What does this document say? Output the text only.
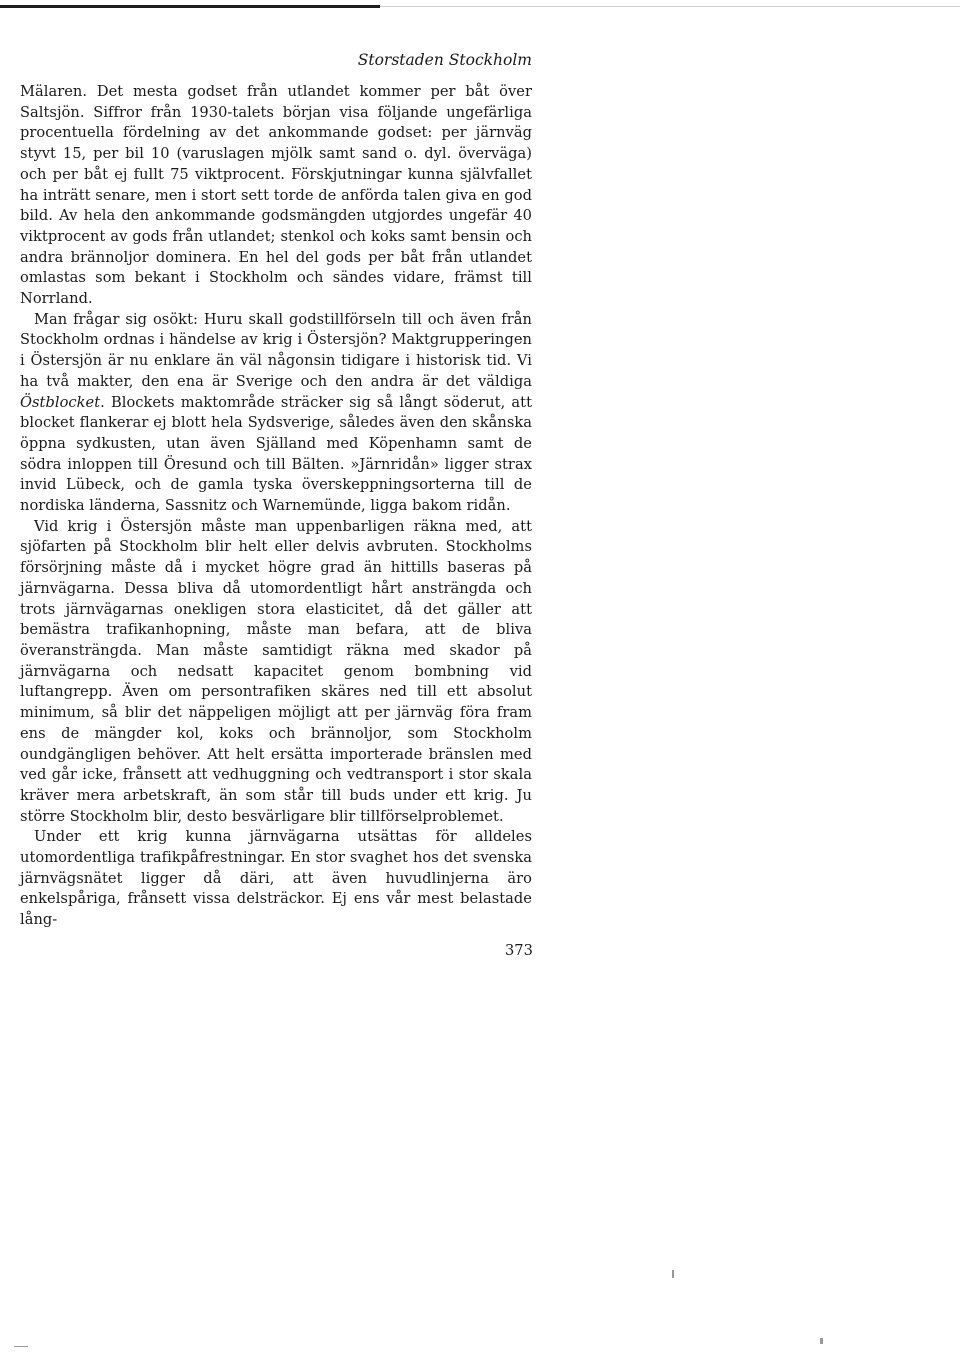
Storstaden Stockholm

Mälaren. Det mesta godset från utlandet kommer per båt över Saltsjön. Siffror från 1930-talets början visa följande ungefärliga procentuella fördelning av det ankommande godset: per järnväg styvt 15, per bil 10 (varuslagen mjölk samt sand o. dyl. överväga) och per båt ej fullt 75 viktprocent. Förskjutningar kunna självfallet ha inträtt senare, men i stort sett torde de anförda talen giva en god bild. Av hela den ankommande godsmängden utgjordes ungefär 40 viktprocent av gods från utlandet; stenkol och koks samt bensin och andra brännoljor dominera. En hel del gods per båt från utlandet omlastas som bekant i Stockholm och sändes vidare, främst till Norrland.

Man frågar sig osökt: Huru skall godstillförseln till och även från Stockholm ordnas i händelse av krig i Östersjön? Maktgrupperingen i Östersjön är nu enklare än väl någonsin tidigare i historisk tid. Vi ha två makter, den ena är Sverige och den andra är det väldiga Östblocket. Blockets maktområde sträcker sig så långt söderut, att blocket flankerar ej blott hela Sydsverige, således även den skånska öppna sydkusten, utan även Själland med Köpenhamn samt de södra inloppen till Öresund och till Bälten. »Järnridån» ligger strax invid Lübeck, och de gamla tyska överskeppningsorterna till de nordiska länderna, Sassnitz och Warnemünde, ligga bakom ridån.

Vid krig i Östersjön måste man uppenbarligen räkna med, att sjöfarten på Stockholm blir helt eller delvis avbruten. Stockholms försörjning måste då i mycket högre grad än hittills baseras på järnvägarna. Dessa bliva då utomordentligt hårt ansträngda och trots järnvägarnas onekligen stora elasticitet, då det gäller att bemästra trafikanhopning, måste man befara, att de bliva överansträngda. Man måste samtidigt räkna med skador på järnvägarna och nedsatt kapacitet genom bombning vid luftangrepp. Även om persontrafiken skäres ned till ett absolut minimum, så blir det näppeligen möjligt att per järnväg föra fram ens de mängder kol, koks och brännoljor, som Stockholm oundgängligen behöver. Att helt ersätta importerade bränslen med ved går icke, frånsett att vedhuggning och vedtransport i stor skala kräver mera arbetskraft, än som står till buds under ett krig. Ju större Stockholm blir, desto besvärligare blir tillförselproblemet.

Under ett krig kunna järnvägarna utsättas för alldeles utomordentliga trafikpåfrestningar. En stor svaghet hos det svenska järnvägsnätet ligger då däri, att även huvudlinjerna äro enkelspåriga, frånsett vissa delsträckor. Ej ens vår mest belastade lång-

373
